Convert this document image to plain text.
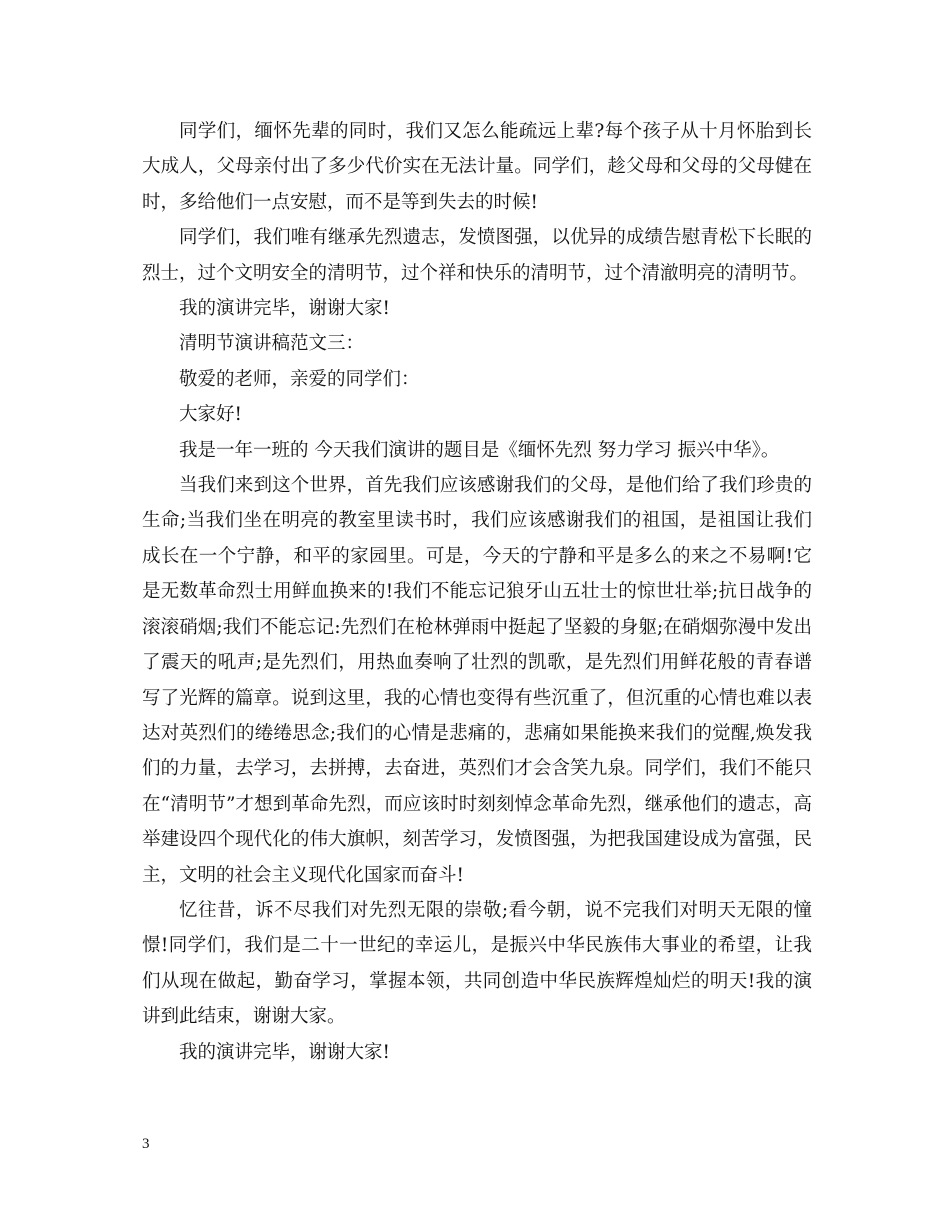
同学们，缅怀先辈的同时，我们又怎么能疏远上辈?每个孩子从十月怀胎到长大成人，父母亲付出了多少代价实在无法计量。同学们，趁父母和父母的父母健在时，多给他们一点安慰，而不是等到失去的时候!

同学们，我们唯有继承先烈遗志，发愤图强，以优异的成绩告慰青松下长眠的烈士，过个文明安全的清明节，过个祥和快乐的清明节，过个清澈明亮的清明节。

我的演讲完毕，谢谢大家!

清明节演讲稿范文三：

敬爱的老师，亲爱的同学们：

大家好!

我是一年一班的 今天我们演讲的题目是《缅怀先烈 努力学习 振兴中华》。

当我们来到这个世界，首先我们应该感谢我们的父母，是他们给了我们珍贵的生命;当我们坐在明亮的教室里读书时，我们应该感谢我们的祖国，是祖国让我们成长在一个宁静，和平的家园里。可是，今天的宁静和平是多么的来之不易啊!它是无数革命烈士用鲜血换来的!我们不能忘记狼牙山五壮士的惊世壮举;抗日战争的滚滚硝烟;我们不能忘记:先烈们在枪林弹雨中挺起了坚毅的身躯;在硝烟弥漫中发出了震天的吼声;是先烈们，用热血奏响了壮烈的凯歌，是先烈们用鲜花般的青春谱写了光辉的篇章。说到这里，我的心情也变得有些沉重了，但沉重的心情也难以表达对英烈们的绻绻思念;我们的心情是悲痛的，悲痛如果能换来我们的觉醒,焕发我们的力量，去学习，去拼搏，去奋进，英烈们才会含笑九泉。同学们，我们不能只在“清明节”才想到革命先烈，而应该时时刻刻悼念革命先烈，继承他们的遗志，高举建设四个现代化的伟大旗帜，刻苦学习，发愤图强，为把我国建设成为富强，民主，文明的社会主义现代化国家而奋斗!

忆往昔，诉不尽我们对先烈无限的崇敬;看今朝，说不完我们对明天无限的憧憬!同学们，我们是二十一世纪的幸运儿，是振兴中华民族伟大事业的希望，让我们从现在做起，勤奋学习，掌握本领，共同创造中华民族辉煌灿烂的明天!我的演讲到此结束，谢谢大家。

我的演讲完毕，谢谢大家!

3
